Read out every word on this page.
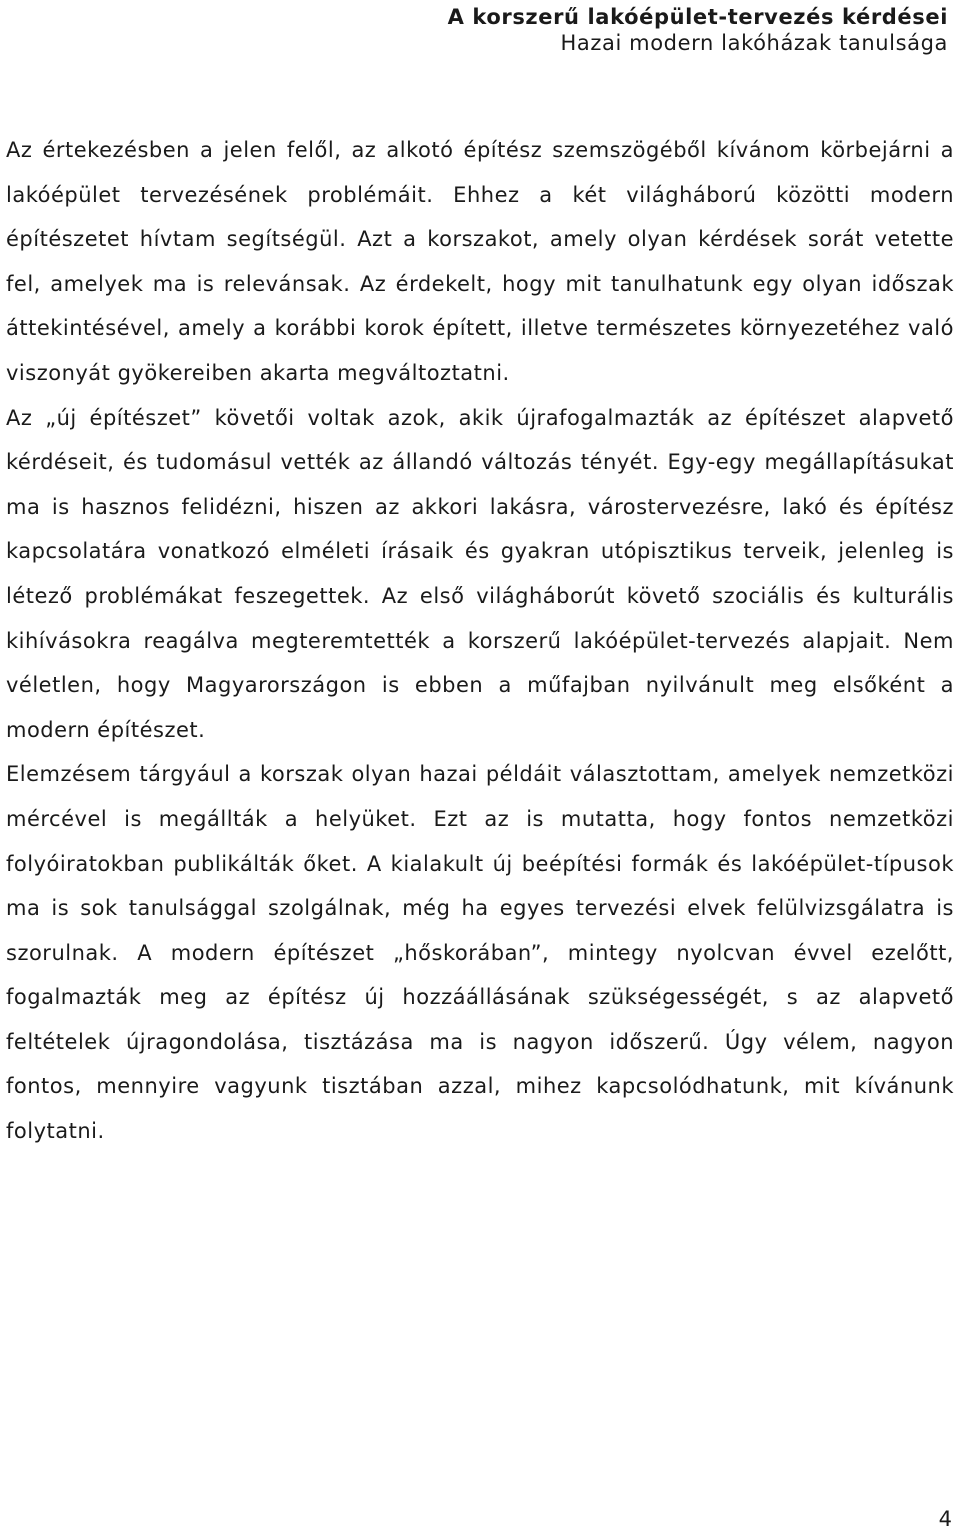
A korszerű lakóépület-tervezés kérdései
Hazai modern lakóházak tanulsága

Az értekezésben a jelen felől, az alkotó építész szemszögéből kívánom körbejárni a lakóépület tervezésének problémáit. Ehhez a két világháború közötti modern építészetet hívtam segítségül. Azt a korszakot, amely olyan kérdések sorát vetette fel, amelyek ma is relevánsak. Az érdekelt, hogy mit tanulhatunk egy olyan időszak áttekintésével, amely a korábbi korok épített, illetve természetes környezetéhez való viszonyát gyökereiben akarta megváltoztatni.

Az „új építészet” követői voltak azok, akik újrafogalmazták az építészet alapvető kérdéseit, és tudomásul vették az állandó változás tényét. Egy-egy megállapításukat ma is hasznos felidézni, hiszen az akkori lakásra, várostervezésre, lakó és építész kapcsolatára vonatkozó elméleti írásaik és gyakran utópisztikus terveik, jelenleg is létező problémákat feszegettek. Az első világháborút követő szociális és kulturális kihívásokra reagálva megteremtették a korszerű lakóépület-tervezés alapjait. Nem véletlen, hogy Magyarországon is ebben a műfajban nyilvánult meg elsőként a modern építészet.

Elemzésem tárgyául a korszak olyan hazai példáit választottam, amelyek nemzetközi mércével is megállták a helyüket. Ezt az is mutatta, hogy fontos nemzetközi folyóiratokban publikálták őket. A kialakult új beépítési formák és lakóépület-típusok ma is sok tanulsággal szolgálnak, még ha egyes tervezési elvek felülvizsgálatra is szorulnak. A modern építészet „hőskorában”, mintegy nyolcvan évvel ezelőtt, fogalmazták meg az építész új hozzáállásának szükségességét, s az alapvető feltételek újragondolása, tisztázása ma is nagyon időszerű. Úgy vélem, nagyon fontos, mennyire vagyunk tisztában azzal, mihez kapcsolódhatunk, mit kívánunk folytatni.

4
